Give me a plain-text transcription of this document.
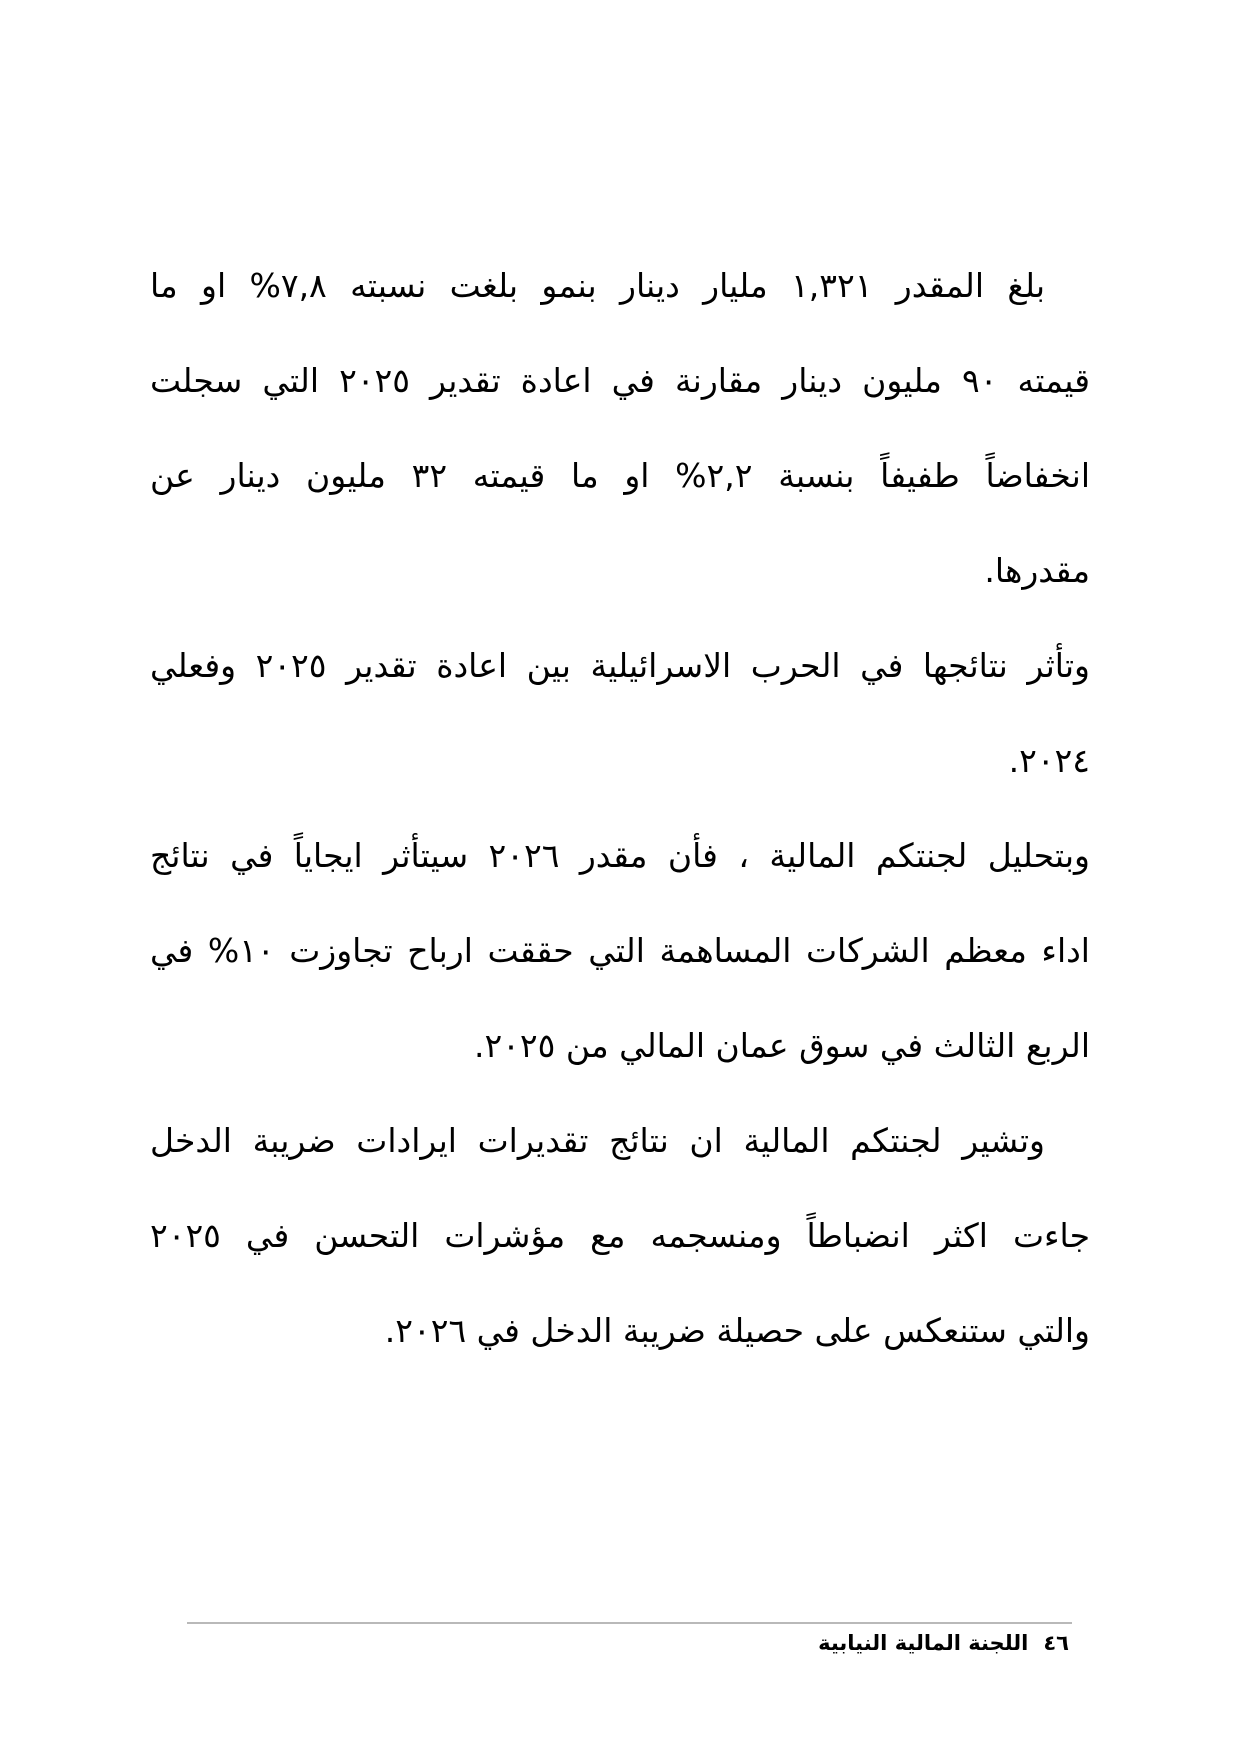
بلغ المقدر ١,٣٢١ مليار دينار بنمو بلغت نسبته ٧,٨% او ما
قيمته ٩٠ مليون دينار مقارنة في اعادة تقدير ٢٠٢٥ التي سجلت
انخفاضاً طفيفاً بنسبة ٢,٢% او ما قيمته ٣٢ مليون دينار عن
مقدرها.
وتأثر نتائجها في الحرب الاسرائيلية بين اعادة تقدير ٢٠٢٥ وفعلي
٢٠٢٤.
وبتحليل لجنتكم المالية ، فأن مقدر ٢٠٢٦ سيتأثر ايجاياً في نتائج
اداء معظم الشركات المساهمة التي حققت ارباح تجاوزت ١٠% في
الربع الثالث في سوق عمان المالي من ٢٠٢٥.
وتشير لجنتكم المالية ان نتائج تقديرات ايرادات ضريبة الدخل
جاءت اكثر انضباطاً ومنسجمه مع مؤشرات التحسن في ٢٠٢٥
والتي ستنعكس على حصيلة ضريبة الدخل في ٢٠٢٦.
٤٦اللجنة المالية النيابية
